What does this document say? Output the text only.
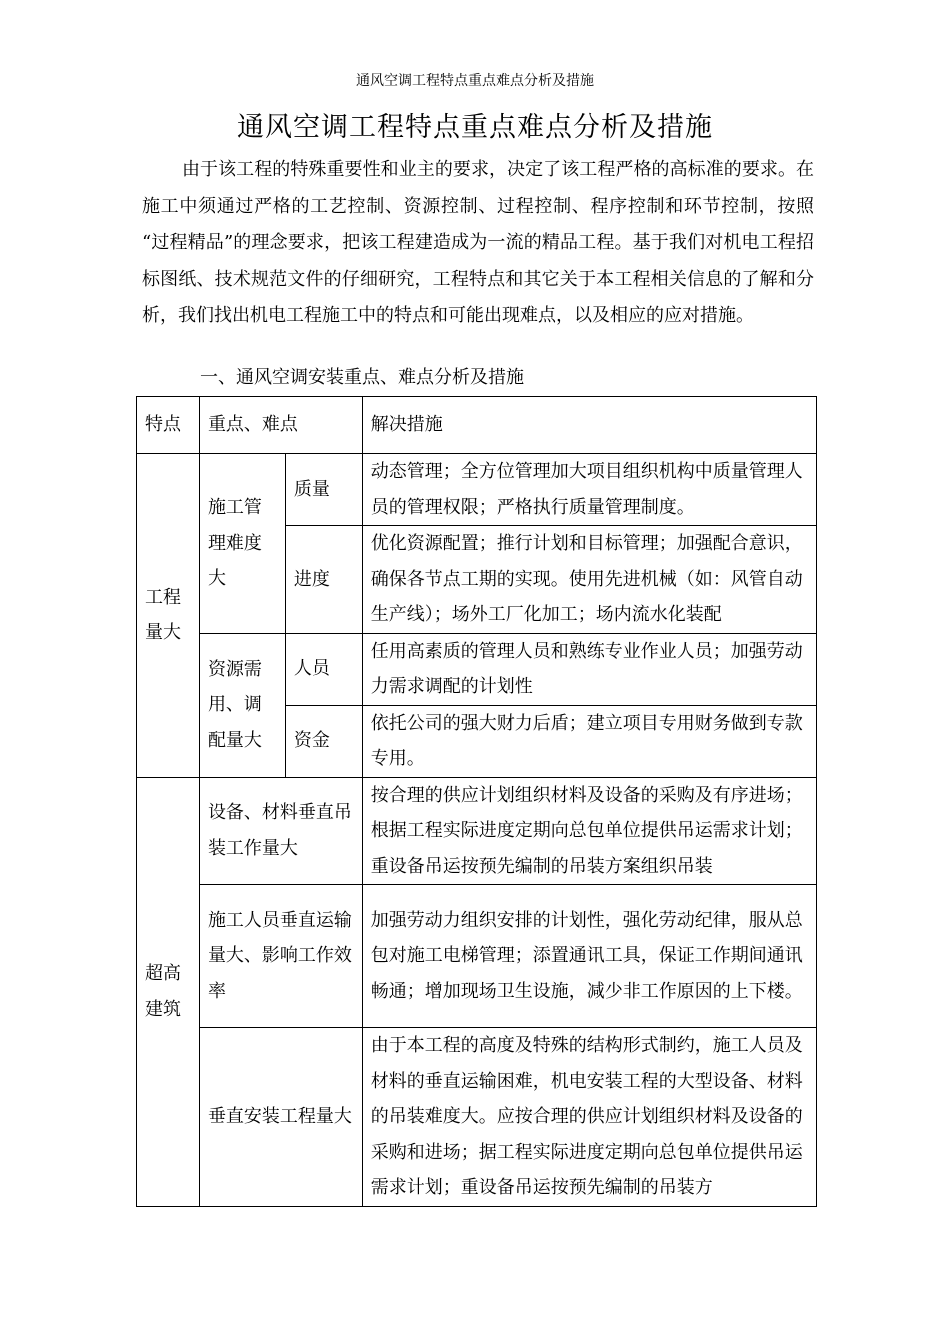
通风空调工程特点重点难点分析及措施
通风空调工程特点重点难点分析及措施

由于该工程的特殊重要性和业主的要求，决定了该工程严格的高标准的要求。在施工中须通过严格的工艺控制、资源控制、过程控制、程序控制和环节控制，按照 “过程精品”的理念要求，把该工程建造成为一流的精品工程。基于我们对机电工程招标图纸、技术规范文件的仔细研究，工程特点和其它关于本工程相关信息的了解和分析，我们找出机电工程施工中的特点和可能出现难点，以及相应的应对措施。

一、通风空调安装重点、难点分析及措施
特点	重点、难点		解决措施
工程量大	施工管理难度大	质量	动态管理；全方位管理加大项目组织机构中质量管理人员的管理权限；严格执行质量管理制度。
		进度	优化资源配置；推行计划和目标管理；加强配合意识，确保各节点工期的实现。使用先进机械（如：风管自动生产线）；场外工厂化加工；场内流水化装配
	资源需用、调配量大	人员	任用高素质的管理人员和熟练专业作业人员；加强劳动力需求调配的计划性
		资金	依托公司的强大财力后盾；建立项目专用财务做到专款专用。
超高建筑	设备、材料垂直吊装工作量大		按合理的供应计划组织材料及设备的采购及有序进场；根据工程实际进度定期向总包单位提供吊运需求计划；重设备吊运按预先编制的吊装方案组织吊装
	施工人员垂直运输量大、影响工作效率		加强劳动力组织安排的计划性，强化劳动纪律，服从总包对施工电梯管理；添置通讯工具，保证工作期间通讯畅通；增加现场卫生设施，减少非工作原因的上下楼。
	垂直安装工程量大		由于本工程的高度及特殊的结构形式制约，施工人员及材料的垂直运输困难，机电安装工程的大型设备、材料的吊装难度大。应按合理的供应计划组织材料及设备的采购和进场；据工程实际进度定期向总包单位提供吊运需求计划；重设备吊运按预先编制的吊装方
